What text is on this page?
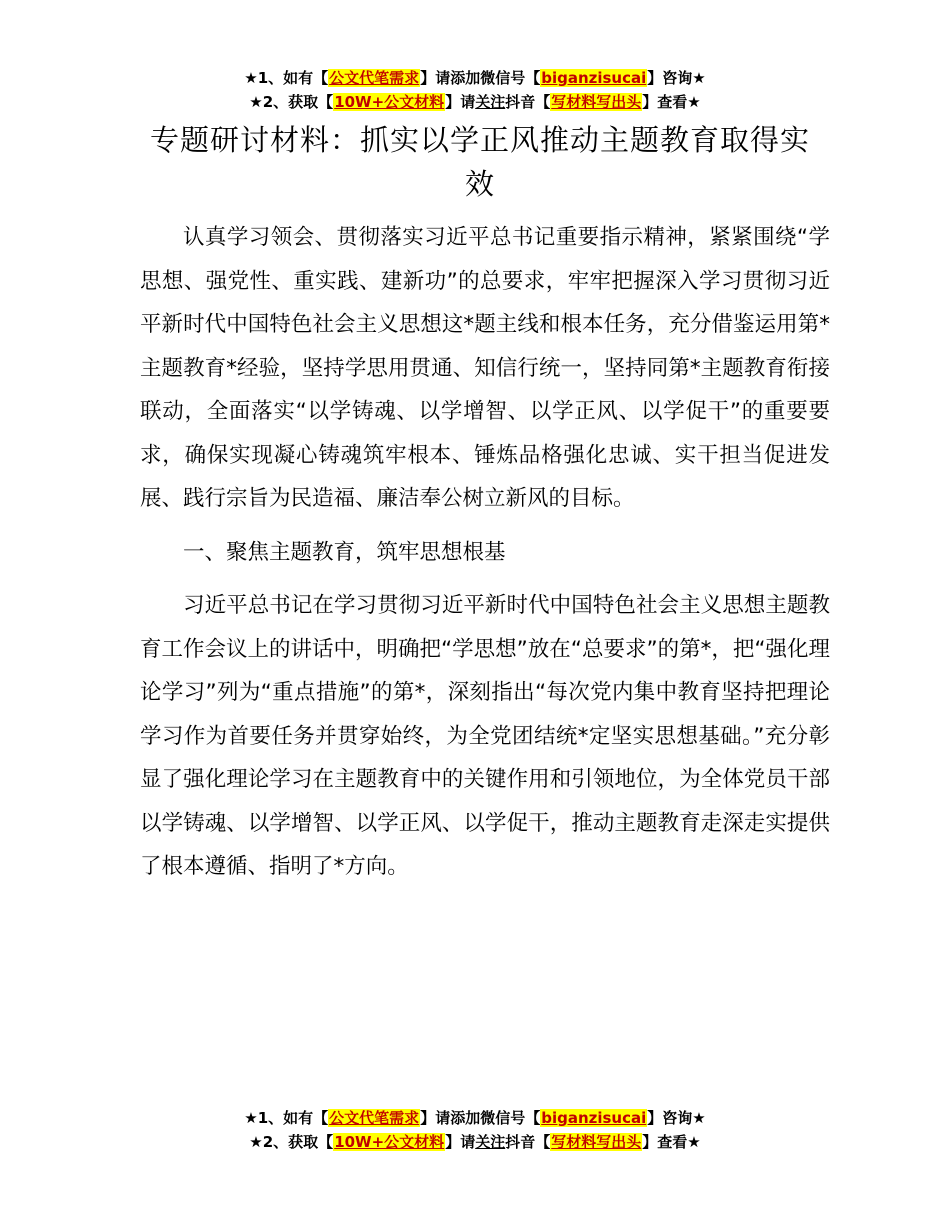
★1、如有【公文代笔需求】请添加微信号【biganzisucai】咨询★
★2、获取【10W+公文材料】请关注抖音【写材料写出头】查看★
专题研讨材料：抓实以学正风推动主题教育取得实效

认真学习领会、贯彻落实习近平总书记重要指示精神，紧紧围绕“学思想、强党性、重实践、建新功”的总要求，牢牢把握深入学习贯彻习近平新时代中国特色社会主义思想这*题主线和根本任务，充分借鉴运用第*主题教育*经验，坚持学思用贯通、知信行统一，坚持同第*主题教育衔接联动，全面落实“以学铸魂、以学增智、以学正风、以学促干”的重要要求，确保实现凝心铸魂筑牢根本、锤炼品格强化忠诚、实干担当促进发展、践行宗旨为民造福、廉洁奉公树立新风的目标。

一、聚焦主题教育，筑牢思想根基

习近平总书记在学习贯彻习近平新时代中国特色社会主义思想主题教育工作会议上的讲话中，明确把“学思想”放在“总要求”的第*，把“强化理论学习”列为“重点措施”的第*，深刻指出“每次党内集中教育坚持把理论学习作为首要任务并贯穿始终，为全党团结统*定坚实思想基础。”充分彰显了强化理论学习在主题教育中的关键作用和引领地位，为全体党员干部以学铸魂、以学增智、以学正风、以学促干，推动主题教育走深走实提供了根本遵循、指明了*方向。

★1、如有【公文代笔需求】请添加微信号【biganzisucai】咨询★
★2、获取【10W+公文材料】请关注抖音【写材料写出头】查看★
